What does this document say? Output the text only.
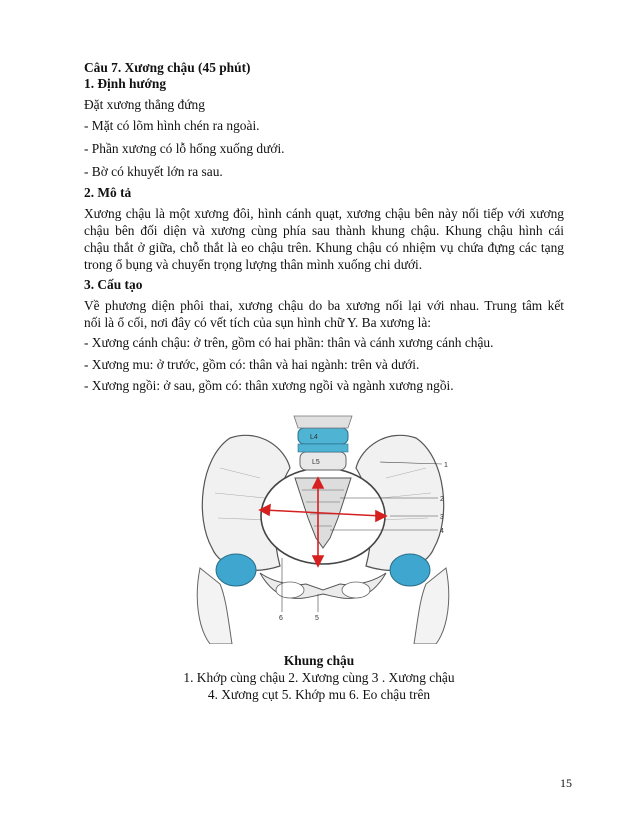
Câu 7. Xương chậu (45 phút)
1. Định hướng
Đặt xương thẳng đứng
- Mặt có lõm hình chén ra ngoài.
- Phần xương có lỗ hổng xuống dưới.
- Bờ có khuyết lớn ra sau.
2. Mô tả
Xương chậu là một xương đôi, hình cánh quạt, xương chậu bên này nối tiếp với xương
chậu bên đối diện và xương cùng phía sau thành khung chậu. Khung chậu hình cái
chậu thắt ở giữa, chỗ thắt là eo chậu trên. Khung chậu có nhiệm vụ chứa đựng các tạng
trong ổ bụng và chuyển trọng lượng thân mình xuống chi dưới.
3. Cấu tạo
Về phương diện phôi thai, xương chậu do ba xương nối lại với nhau. Trung tâm kết
nối là ổ cối, nơi đây có vết tích của sụn hình chữ Y. Ba xương là:
- Xương cánh chậu: ở trên, gồm có hai phần: thân và cánh xương cánh chậu.
- Xương mu: ở trước, gồm có: thân và hai ngành: trên và dưới.
- Xương ngồi: ở sau, gồm có: thân xương ngồi và ngành xương ngồi.
L4
L5	1
2
3
4
5
6
Khung chậu
1. Khớp cùng chậu 2. Xương cùng 3 . Xương chậu
4. Xương cụt 5. Khớp mu 6. Eo chậu trên
15
